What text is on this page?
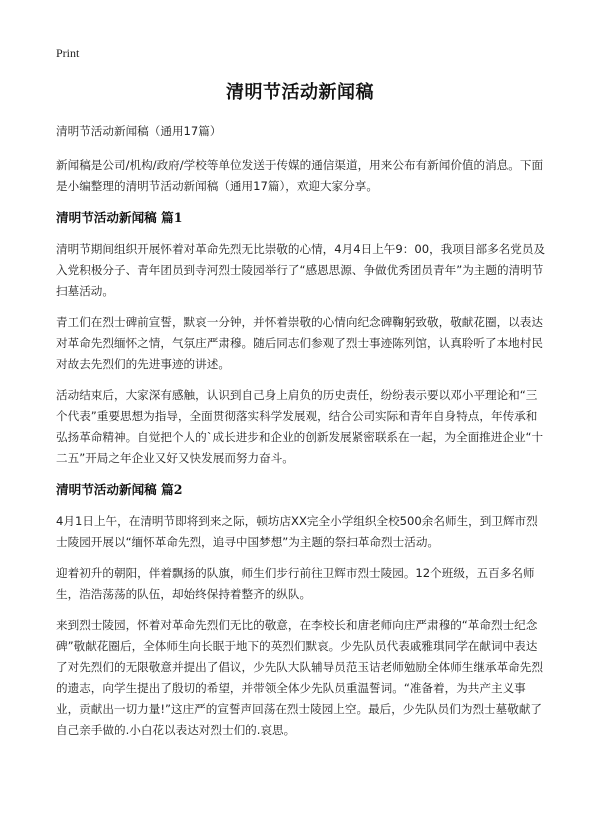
Print
清明节活动新闻稿

清明节活动新闻稿（通用17篇）

新闻稿是公司/机构/政府/学校等单位发送于传媒的通信渠道，用来公布有新闻价值的消息。下面是小编整理的清明节活动新闻稿（通用17篇），欢迎大家分享。

清明节活动新闻稿 篇1

清明节期间组织开展怀着对革命先烈无比崇敬的心情，4月4日上午9：00，我项目部多名党员及入党积极分子、青年团员到寺河烈士陵园举行了“感恩思源、争做优秀团员青年”为主题的清明节扫墓活动。

青工们在烈士碑前宣誓，默哀一分钟，并怀着崇敬的心情向纪念碑鞠躬致敬，敬献花圈，以表达对革命先烈缅怀之情，气氛庄严肃穆。随后同志们参观了烈士事迹陈列馆，认真聆听了本地村民对故去先烈们的先进事迹的讲述。

活动结束后，大家深有感触，认识到自己身上肩负的历史责任，纷纷表示要以邓小平理论和“三个代表”重要思想为指导，全面贯彻落实科学发展观，结合公司实际和青年自身特点，年传承和弘扬革命精神。自觉把个人的`成长进步和企业的创新发展紧密联系在一起，为全面推进企业“十二五”开局之年企业又好又快发展而努力奋斗。

清明节活动新闻稿 篇2

4月1日上午，在清明节即将到来之际，顿坊店XX完全小学组织全校500余名师生，到卫辉市烈士陵园开展以“缅怀革命先烈，追寻中国梦想”为主题的祭扫革命烈士活动。

迎着初升的朝阳，伴着飘扬的队旗，师生们步行前往卫辉市烈士陵园。12个班级，五百多名师生，浩浩荡荡的队伍，却始终保持着整齐的纵队。

来到烈士陵园，怀着对革命先烈们无比的敬意，在李校长和唐老师向庄严肃穆的“革命烈士纪念碑”敬献花圈后，全体师生向长眠于地下的英烈们默哀。少先队员代表戚雅琪同学在献词中表达了对先烈们的无限敬意并提出了倡议，少先队大队辅导员范玉诘老师勉励全体师生继承革命先烈的遗志，向学生提出了殷切的希望，并带领全体少先队员重温誓词。“准备着，为共产主义事业，贡献出一切力量!”这庄严的宣誓声回荡在烈士陵园上空。最后，少先队员们为烈士墓敬献了自己亲手做的.小白花以表达对烈士们的.哀思。
